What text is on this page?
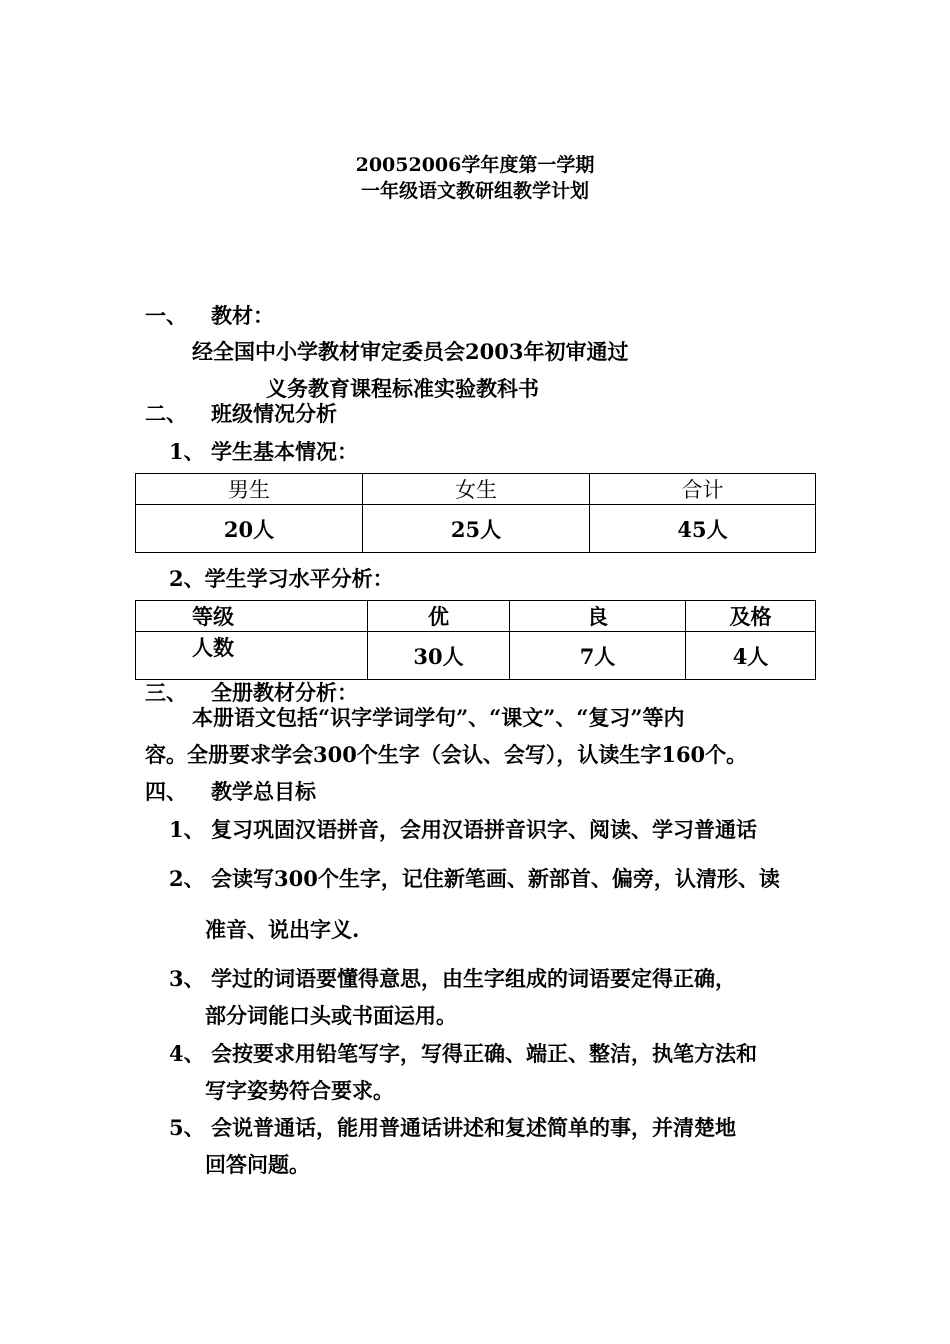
20052006学年度第一学期
一年级语文教研组教学计划
一、 教材：
经全国中小学教材审定委员会2003年初审通过
义务教育课程标准实验教科书
二、 班级情况分析
1、 学生基本情况：
男生	女生	合计
20人	25人	45人
2、学生学习水平分析：
等级	优	良	及格
人数	30人	7人	4人
三、 全册教材分析：
本册语文包括“识字学词学句”、“课文”、“复习”等内
容。全册要求学会300个生字（会认、会写），认读生字160个。
四、 教学总目标
1、 复习巩固汉语拼音，会用汉语拼音识字、阅读、学习普通话
2、 会读写300个生字，记住新笔画、新部首、偏旁，认清形、读
准音、说出字义.
3、 学过的词语要懂得意思，由生字组成的词语要定得正确，
部分词能口头或书面运用。
4、 会按要求用铅笔写字，写得正确、端正、整洁，执笔方法和
写字姿势符合要求。
5、 会说普通话，能用普通话讲述和复述简单的事，并清楚地
回答问题。
